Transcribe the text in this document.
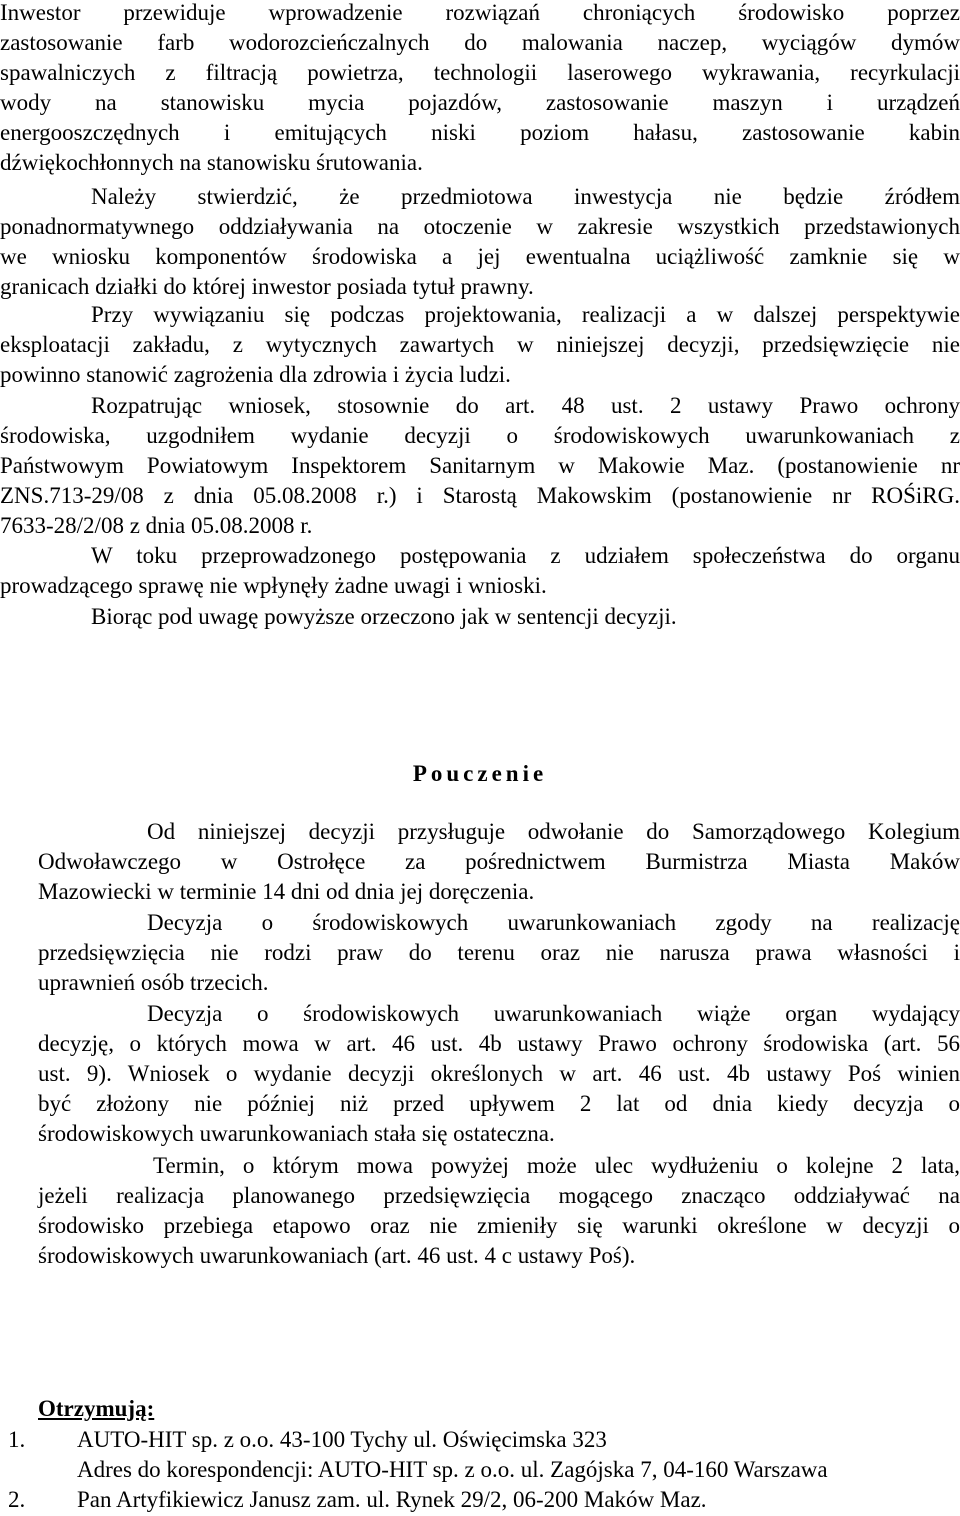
Inwestor przewiduje wprowadzenie rozwiązań chroniących środowisko poprzez
zastosowanie farb wodorozcieńczalnych do malowania naczep, wyciągów dymów
spawalniczych z filtracją powietrza, technologii laserowego wykrawania, recyrkulacji
wody na stanowisku mycia pojazdów, zastosowanie maszyn i urządzeń
energooszczędnych i emitujących niski poziom hałasu, zastosowanie kabin
dźwiękochłonnych na stanowisku śrutowania.
Należy stwierdzić, że przedmiotowa inwestycja nie będzie źródłem
ponadnormatywnego oddziaływania na otoczenie w zakresie wszystkich przedstawionych
we wniosku komponentów środowiska a jej ewentualna uciążliwość zamknie się w
granicach działki do której inwestor posiada tytuł prawny.
Przy wywiązaniu się podczas projektowania, realizacji a w dalszej perspektywie
eksploatacji zakładu, z wytycznych zawartych w niniejszej decyzji, przedsięwzięcie nie
powinno stanowić zagrożenia dla zdrowia i życia ludzi.
Rozpatrując wniosek, stosownie do art. 48 ust. 2 ustawy Prawo ochrony
środowiska, uzgodniłem wydanie decyzji o środowiskowych uwarunkowaniach z
Państwowym Powiatowym Inspektorem Sanitarnym w Makowie Maz. (postanowienie nr
ZNS.713-29/08 z dnia 05.08.2008 r.) i Starostą Makowskim (postanowienie nr ROŚiRG.
7633-28/2/08 z dnia 05.08.2008 r.
W toku przeprowadzonego postępowania z udziałem społeczeństwa do organu
prowadzącego sprawę nie wpłynęły żadne uwagi i wnioski.
Biorąc pod uwagę powyższe orzeczono jak w sentencji decyzji.
Pouczenie
Od niniejszej decyzji przysługuje odwołanie do Samorządowego Kolegium
Odwoławczego w Ostrołęce za pośrednictwem Burmistrza Miasta Maków
Mazowiecki w terminie 14 dni od dnia jej doręczenia.
Decyzja o środowiskowych uwarunkowaniach zgody na realizację
przedsięwzięcia nie rodzi praw do terenu oraz nie narusza prawa własności i
uprawnień osób trzecich.
Decyzja o środowiskowych uwarunkowaniach wiąże organ wydający
decyzję, o których mowa w art. 46 ust. 4b ustawy Prawo ochrony środowiska (art. 56
ust. 9). Wniosek o wydanie decyzji określonych w art. 46 ust. 4b ustawy Poś winien
być złożony nie później niż przed upływem 2 lat od dnia kiedy decyzja o
środowiskowych uwarunkowaniach stała się ostateczna.
Termin, o którym mowa powyżej może ulec wydłużeniu o kolejne 2 lata,
jeżeli realizacja planowanego przedsięwzięcia mogącego znacząco oddziaływać na
środowisko przebiega etapowo oraz nie zmieniły się warunki określone w decyzji o
środowiskowych uwarunkowaniach (art. 46 ust. 4 c ustawy Poś).
Otrzymują:
1. AUTO-HIT sp. z o.o. 43-100 Tychy ul. Oświęcimska 323
Adres do korespondencji: AUTO-HIT sp. z o.o. ul. Zagójska 7, 04-160 Warszawa
2. Pan Artyfikiewicz Janusz zam. ul. Rynek 29/2, 06-200 Maków Maz.
